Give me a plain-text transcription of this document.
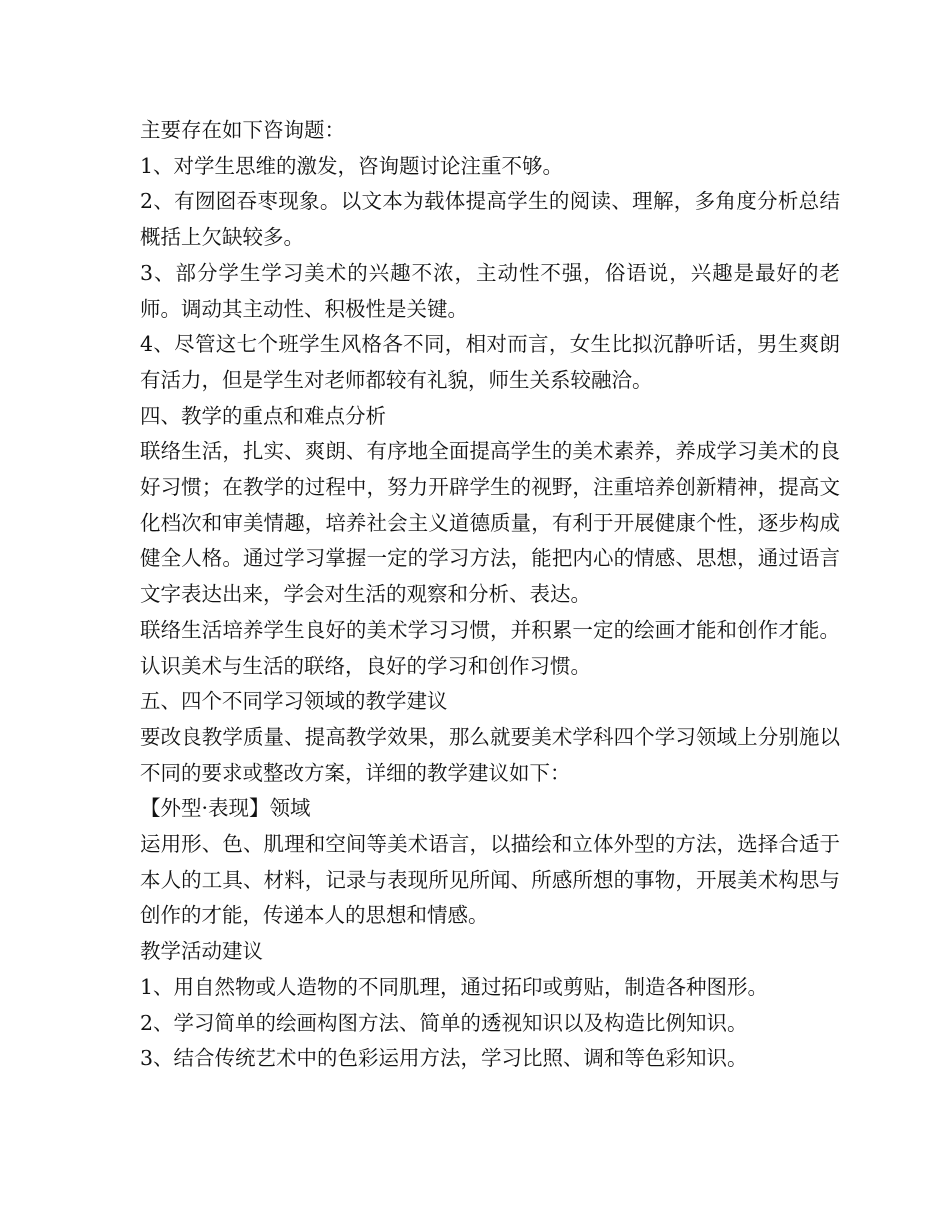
主要存在如下咨询题：

1、对学生思维的激发，咨询题讨论注重不够。

2、有囫囵吞枣现象。以文本为载体提高学生的阅读、理解，多角度分析总结概括上欠缺较多。

3、部分学生学习美术的兴趣不浓，主动性不强，俗语说，兴趣是最好的老师。调动其主动性、积极性是关键。

4、尽管这七个班学生风格各不同，相对而言，女生比拟沉静听话，男生爽朗有活力，但是学生对老师都较有礼貌，师生关系较融洽。

四、教学的重点和难点分析

联络生活，扎实、爽朗、有序地全面提高学生的美术素养，养成学习美术的良好习惯；在教学的过程中，努力开辟学生的视野，注重培养创新精神，提高文化档次和审美情趣，培养社会主义道德质量，有利于开展健康个性，逐步构成健全人格。通过学习掌握一定的学习方法，能把内心的情感、思想，通过语言文字表达出来，学会对生活的观察和分析、表达。

联络生活培养学生良好的美术学习习惯，并积累一定的绘画才能和创作才能。认识美术与生活的联络，良好的学习和创作习惯。

五、四个不同学习领域的教学建议

要改良教学质量、提高教学效果，那么就要美术学科四个学习领域上分别施以不同的要求或整改方案，详细的教学建议如下：

【外型·表现】领域

运用形、色、肌理和空间等美术语言，以描绘和立体外型的方法，选择合适于本人的工具、材料，记录与表现所见所闻、所感所想的事物，开展美术构思与创作的才能，传递本人的思想和情感。

教学活动建议

1、用自然物或人造物的不同肌理，通过拓印或剪贴，制造各种图形。

2、学习简单的绘画构图方法、简单的透视知识以及构造比例知识。

3、结合传统艺术中的色彩运用方法，学习比照、调和等色彩知识。
